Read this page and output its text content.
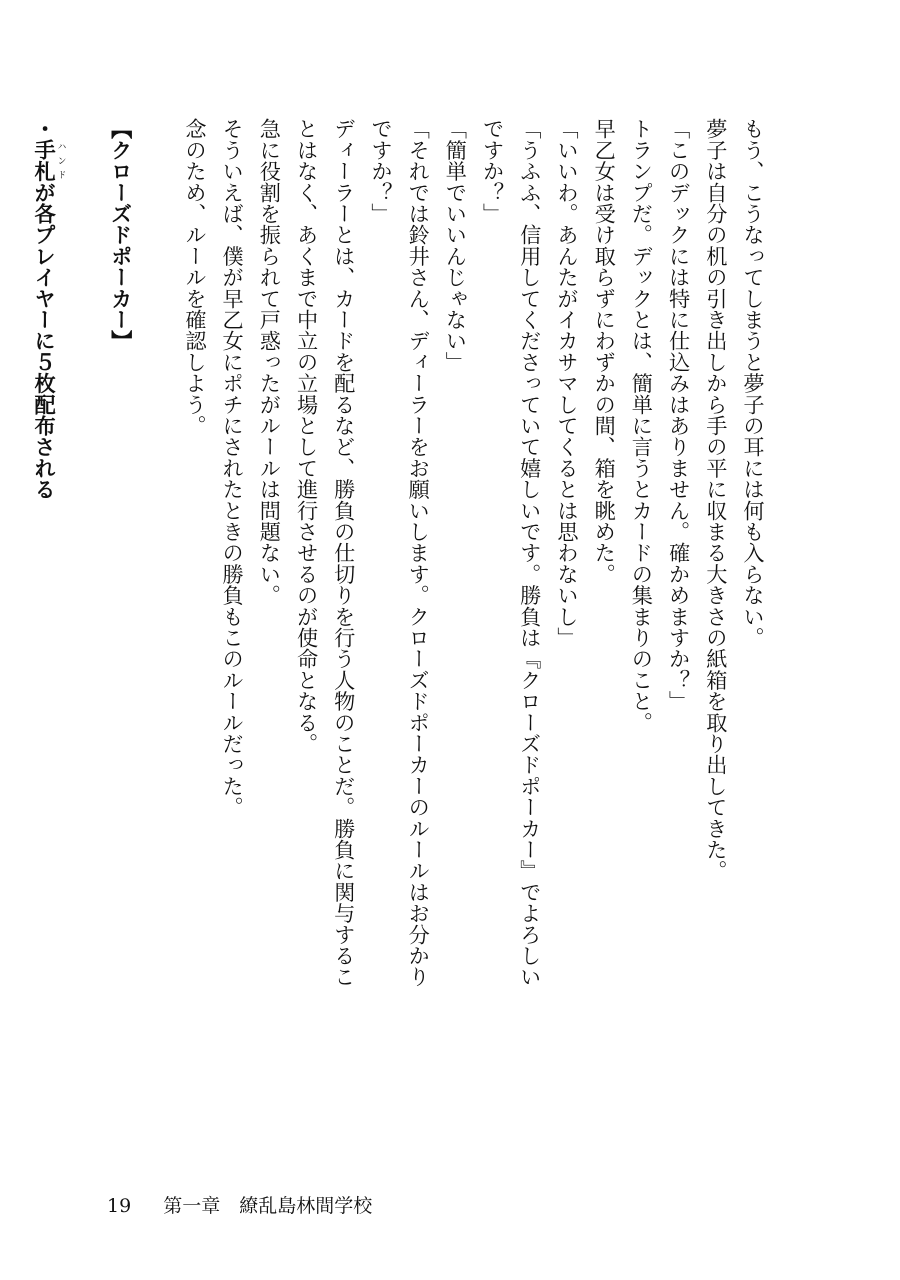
もう、こうなってしまうと夢子の耳には何も入らない。
夢子は自分の机の引き出しから手の平に収まる大きさの紙箱を取り出してきた。
「このデックには特に仕込みはありません。確かめますか？」
トランプだ。デックとは、簡単に言うとカードの集まりのこと。
早乙女は受け取らずにわずかの間、箱を眺めた。
「いいわ。あんたがイカサマしてくるとは思わないし」
「うふふ、信用してくださっていて嬉しいです。勝負は『クローズドポーカー』でよろしい
ですか？」
「簡単でいいんじゃない」
「それでは鈴井さん、ディーラーをお願いします。クローズドポーカーのルールはお分かり
ですか？」
ディーラーとは、カードを配るなど、勝負の仕切りを行う人物のことだ。勝負に関与するこ
とはなく、あくまで中立の立場として進行させるのが使命となる。
急に役割を振られて戸惑ったがルールは問題ない。
そういえば、僕が早乙女にポチにされたときの勝負もこのルールだった。
念のため、ルールを確認しよう。
【クローズドポーカー】
・手札ハンドが各プレイヤーに５枚配布される
19 第一章　繚乱島林間学校
